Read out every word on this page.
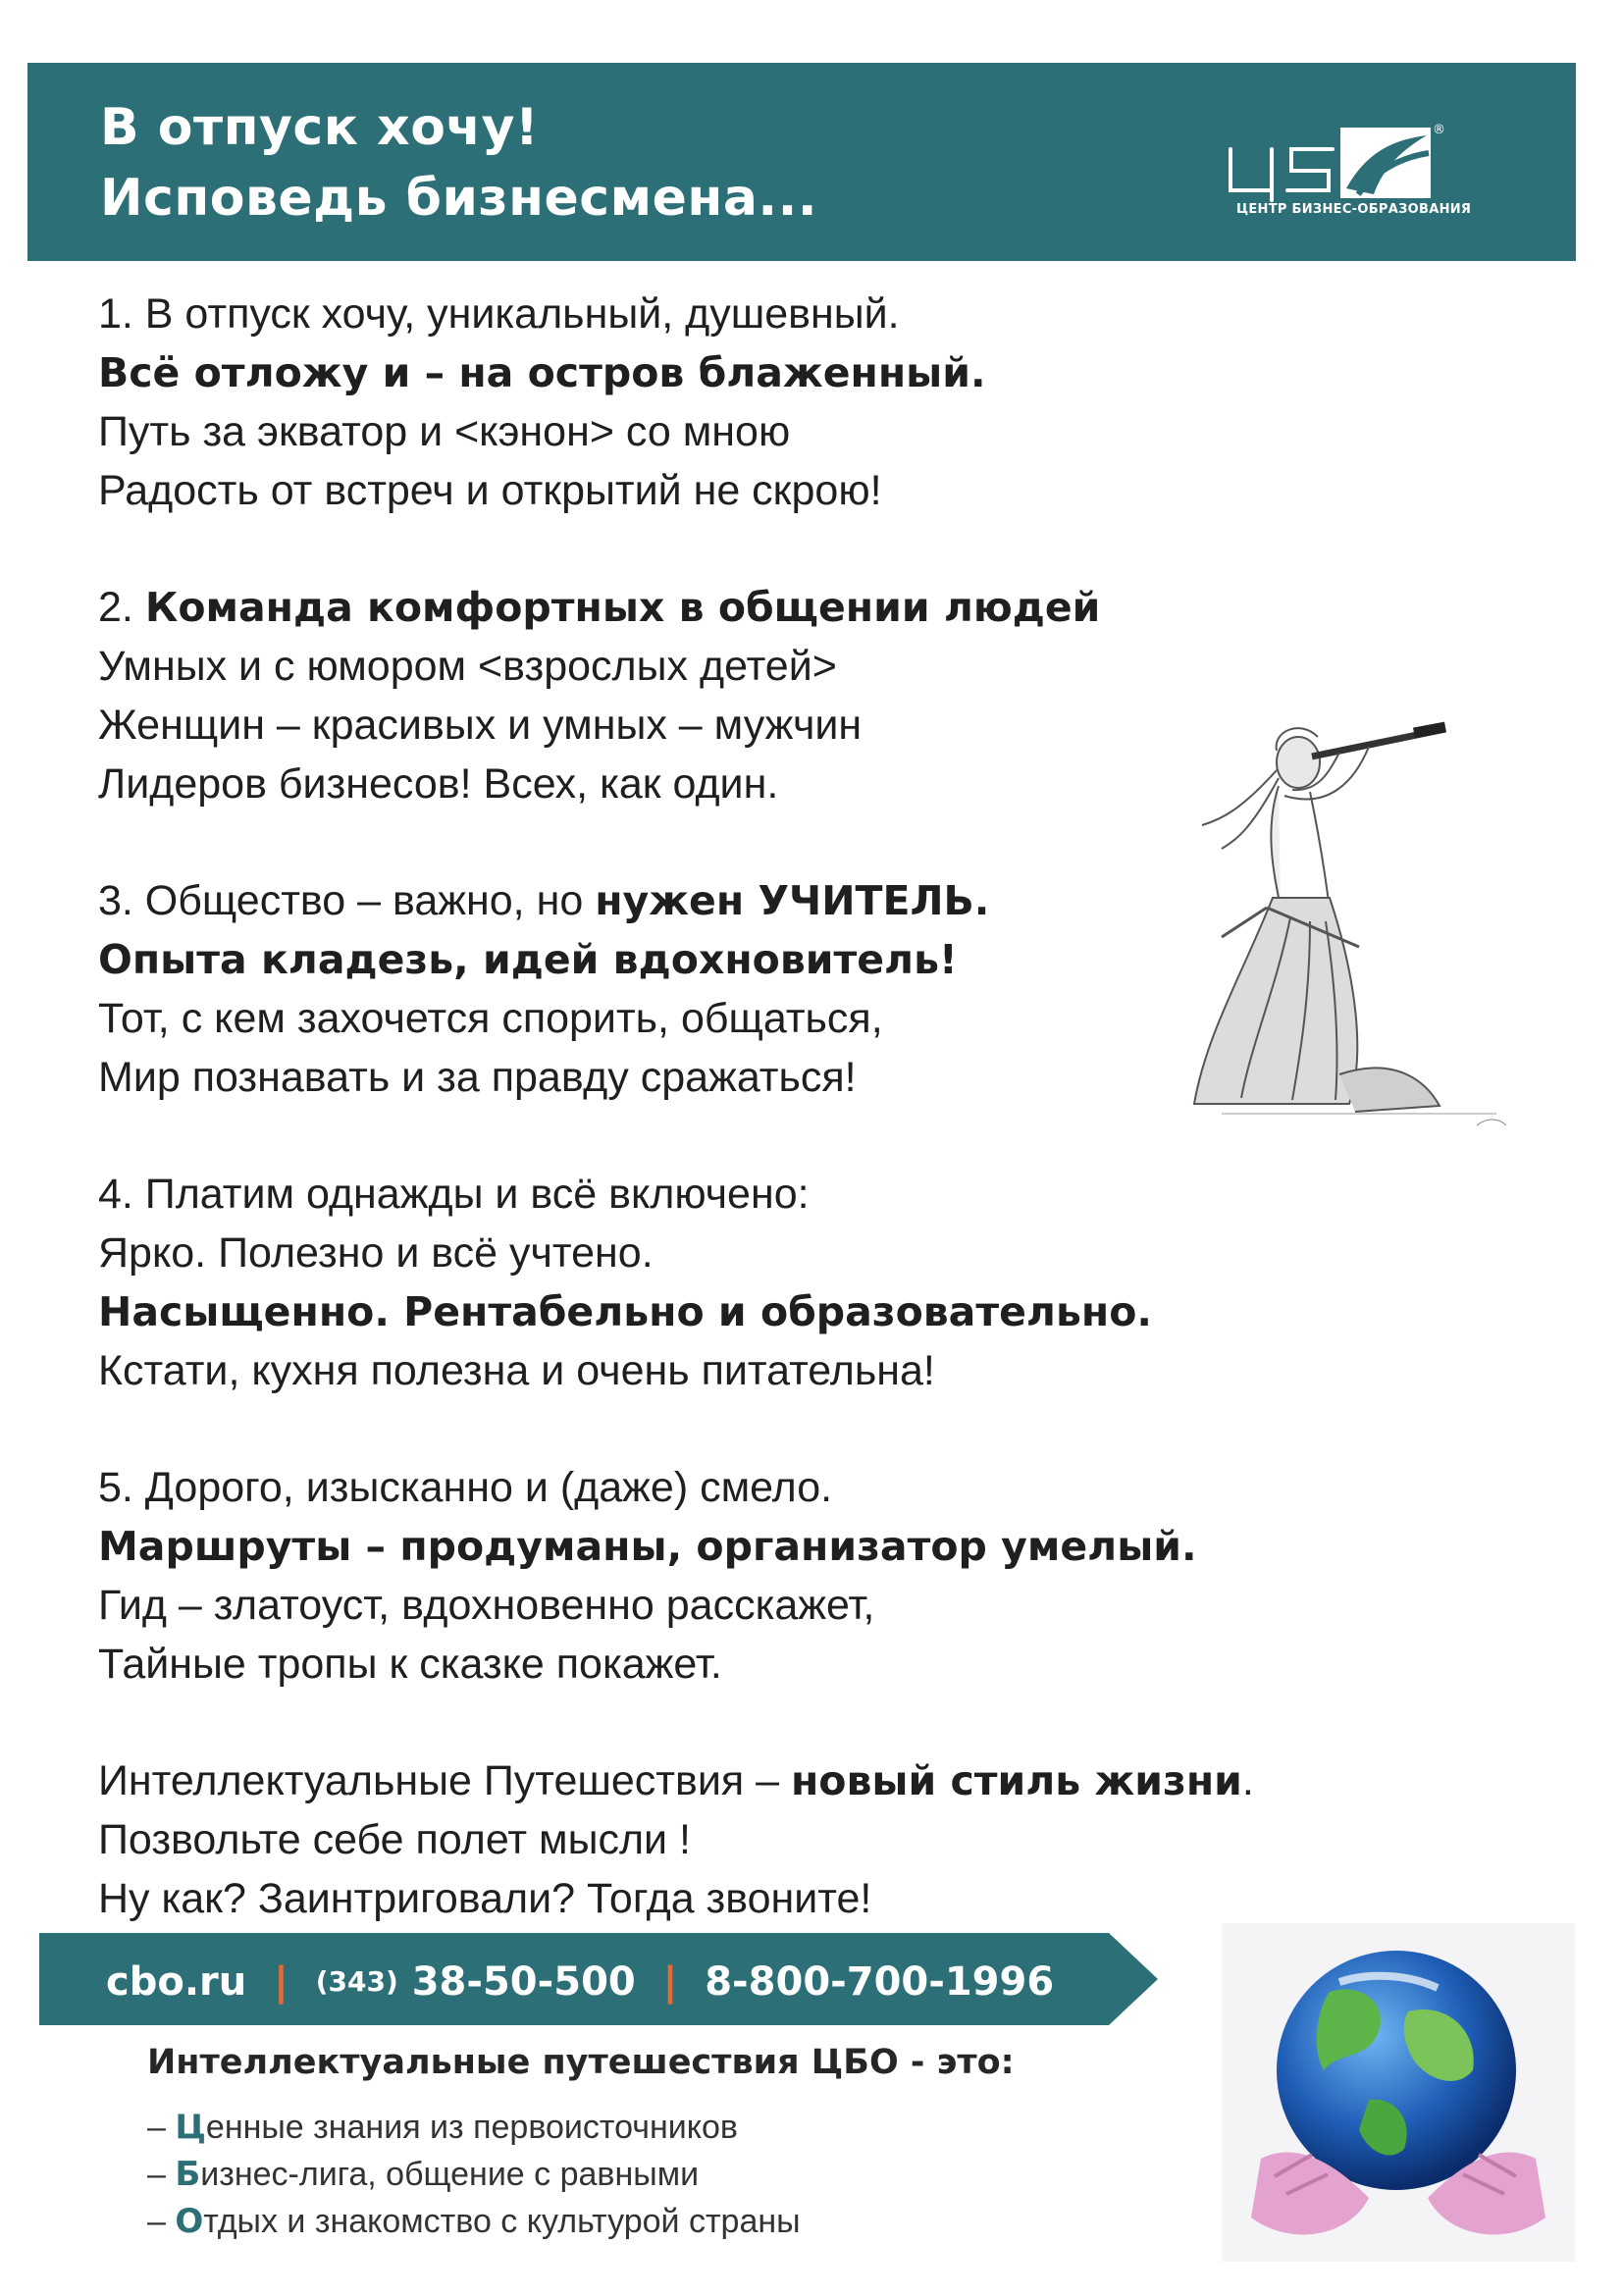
В отпуск хочу!
Исповедь бизнесмена...
®
ЦЕНТР БИЗНЕС-ОБРАЗОВАНИЯ
1. В отпуск хочу, уникальный, душевный.
Всё отложу и – на остров блаженный.
Путь за экватор и <кэнон> со мною
Радость от встреч и открытий не скрою!
2. Команда комфортных в общении людей
Умных и с юмором <взрослых детей>
Женщин – красивых и умных – мужчин
Лидеров бизнесов! Всех, как один.
3. Общество – важно, но нужен УЧИТЕЛЬ.
Опыта кладезь, идей вдохновитель!
Тот, с кем захочется спорить, общаться,
Мир познавать и за правду сражаться!
4. Платим однажды и всё включено:
Ярко. Полезно и всё учтено.
Насыщенно. Рентабельно и образовательно.
Кстати, кухня полезна и очень питательна!
5. Дорого, изысканно и (даже) смело.
Маршруты – продуманы, организатор умелый.
Гид – златоуст, вдохновенно расскажет,
Тайные тропы к сказке покажет.
Интеллектуальные Путешествия – новый стиль жизни.
Позвольте себе полет мысли !
Ну как? Заинтриговали? Тогда звоните!
cbo.ru | (343) 38-50-500 | 8-800-700-1996
Интеллектуальные путешествия ЦБО - это:
– Ценные знания из первоисточников
– Бизнес-лига, общение с равными
– Отдых и знакомство с культурой страны
